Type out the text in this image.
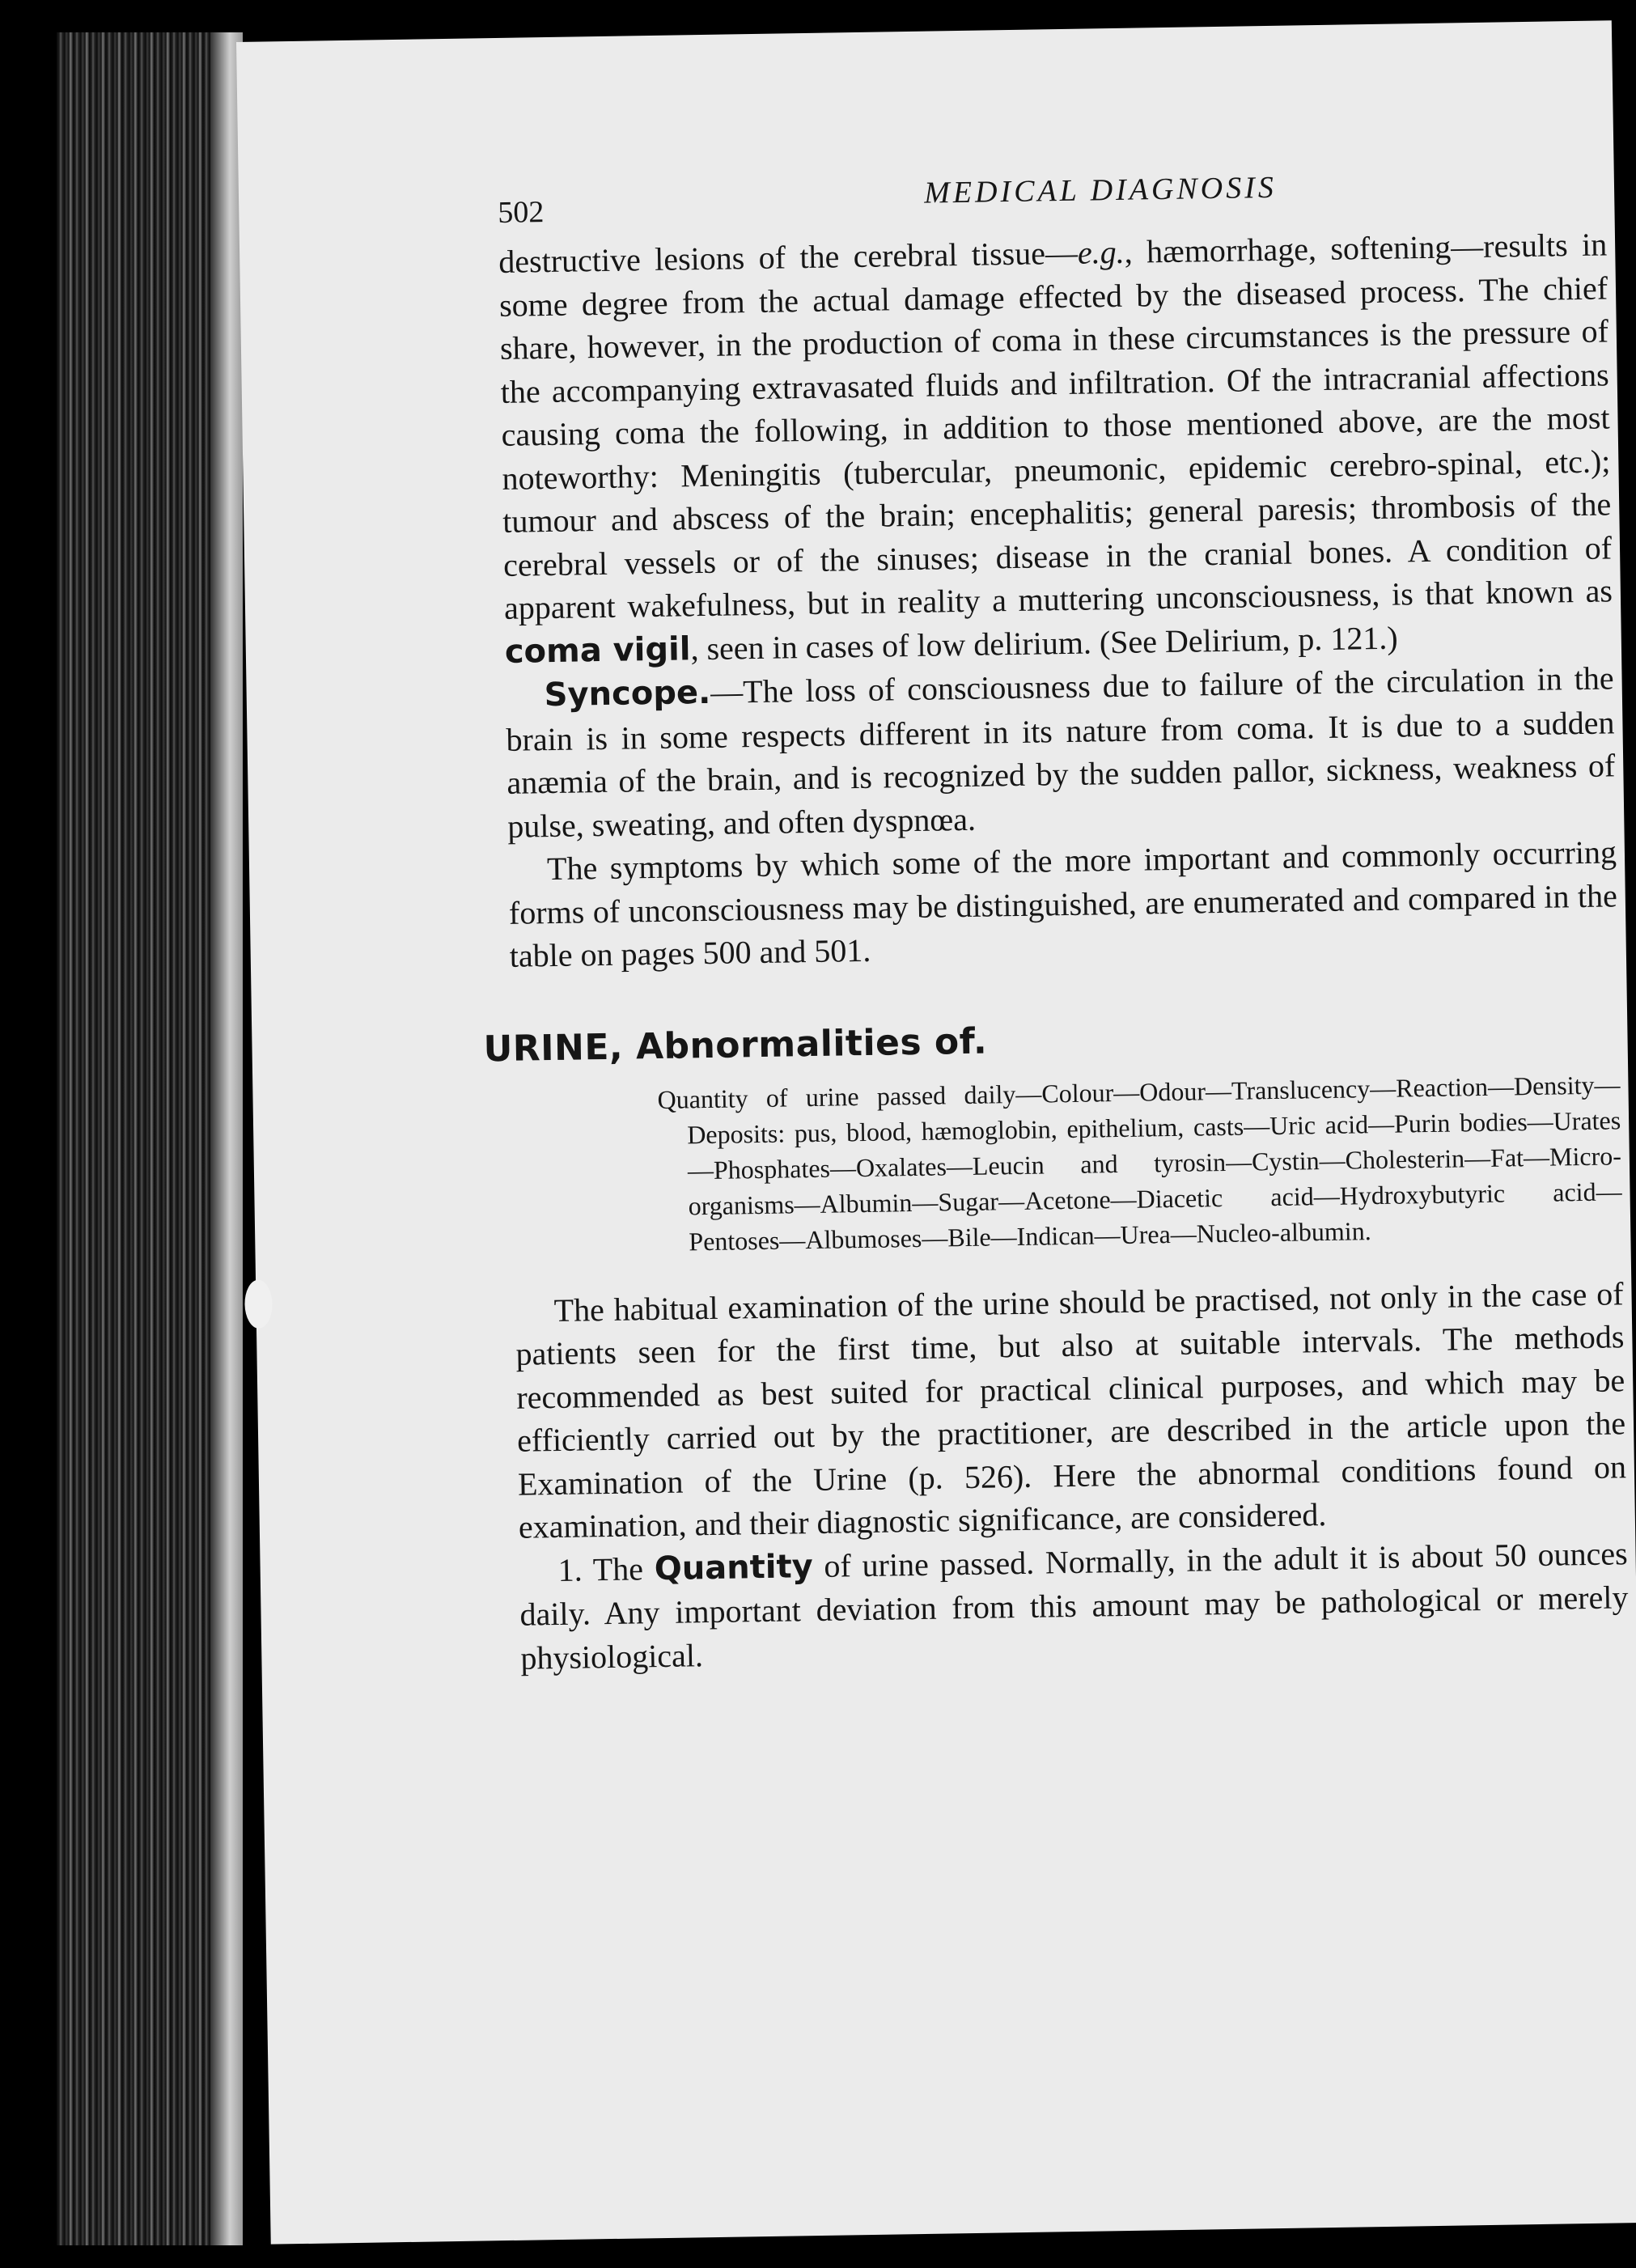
502
MEDICAL DIAGNOSIS

destructive lesions of the cerebral tissue—e.g., hæmorrhage, softening—results in some degree from the actual damage effected by the diseased process. The chief share, however, in the production of coma in these circumstances is the pressure of the accompanying extravasated fluids and infiltration. Of the intracranial affections causing coma the following, in addition to those mentioned above, are the most noteworthy: Meningitis (tubercular, pneumonic, epidemic cerebro-spinal, etc.); tumour and abscess of the brain; encephalitis; general paresis; thrombosis of the cerebral vessels or of the sinuses; disease in the cranial bones. A condition of apparent wakefulness, but in reality a muttering unconsciousness, is that known as coma vigil, seen in cases of low delirium. (See Delirium, p. 121.)

Syncope.—The loss of consciousness due to failure of the circulation in the brain is in some respects different in its nature from coma. It is due to a sudden anæmia of the brain, and is recognized by the sudden pallor, sickness, weakness of pulse, sweating, and often dyspnœa.

The symptoms by which some of the more important and commonly occurring forms of unconsciousness may be distinguished, are enumerated and compared in the table on pages 500 and 501.

URINE, Abnormalities of.

Quantity of urine passed daily—Colour—Odour—Translucency—Reaction—Density—Deposits: pus, blood, hæmoglobin, epithelium, casts—Uric acid—Purin bodies—Urates—Phosphates—Oxalates—Leucin and tyrosin—Cystin—Cholesterin—Fat—Micro-organisms—Albumin—Sugar—Acetone—Diacetic acid—Hydroxybutyric acid—Pentoses—Albumoses—Bile—Indican—Urea—Nucleo-albumin.

The habitual examination of the urine should be practised, not only in the case of patients seen for the first time, but also at suitable intervals. The methods recommended as best suited for practical clinical purposes, and which may be efficiently carried out by the practitioner, are described in the article upon the Examination of the Urine (p. 526). Here the abnormal conditions found on examination, and their diagnostic significance, are considered.

1. The Quantity of urine passed. Normally, in the adult it is about 50 ounces daily. Any important deviation from this amount may be pathological or merely physiological.
